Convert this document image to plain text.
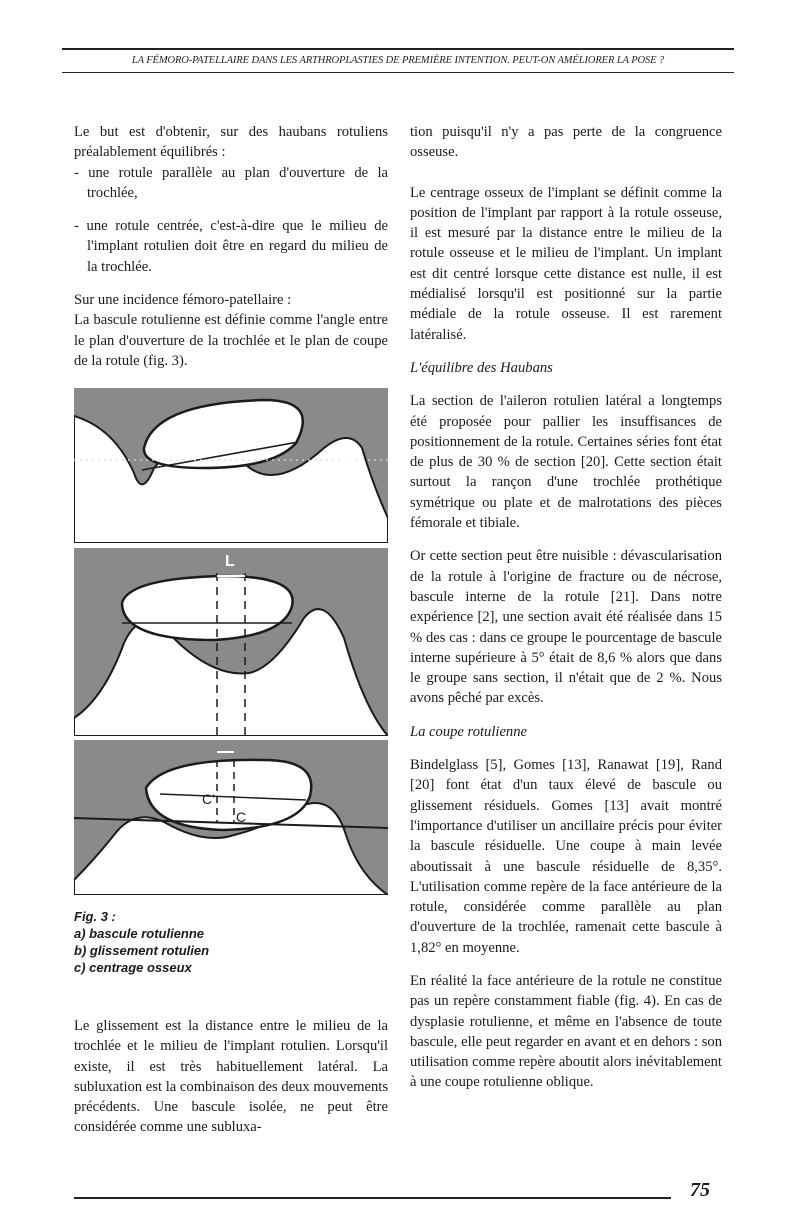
LA FÉMORO-PATELLAIRE DANS LES ARTHROPLASTIES DE PREMIÈRE INTENTION. PEUT-ON AMÉLIORER LA POSE ?

Le but est d'obtenir, sur des haubans rotuliens préalablement équilibrés :

- une rotule parallèle au plan d'ouverture de la trochlée,

- une rotule centrée, c'est-à-dire que le milieu de l'implant rotulien doit être en regard du milieu de la trochlée.

Sur une incidence fémoro-patellaire :

La bascule rotulienne est définie comme l'angle entre le plan d'ouverture de la trochlée et le plan de coupe de la rotule (fig. 3).

α
L
C'
C
Fig. 3 :
a) bascule rotulienne
b) glissement rotulien
c) centrage osseux

Le glissement est la distance entre le milieu de la trochlée et le milieu de l'implant rotulien. Lorsqu'il existe, il est très habituellement latéral. La subluxation est la combinaison des deux mouvements précédents. Une bascule isolée, ne peut être considérée comme une subluxa-

tion puisqu'il n'y a pas perte de la congruence osseuse.

Le centrage osseux de l'implant se définit comme la position de l'implant par rapport à la rotule osseuse, il est mesuré par la distance entre le milieu de la rotule osseuse et le milieu de l'implant. Un implant est dit centré lorsque cette distance est nulle, il est médialisé lorsqu'il est positionné sur la partie médiale de la rotule osseuse. Il est rarement latéralisé.

L'équilibre des Haubans

La section de l'aileron rotulien latéral a longtemps été proposée pour pallier les insuffisances de positionnement de la rotule. Certaines séries font état de plus de 30 % de section [20]. Cette section était surtout la rançon d'une trochlée prothétique symétrique ou plate et de malrotations des pièces fémorale et tibiale.

Or cette section peut être nuisible : dévascularisation de la rotule à l'origine de fracture ou de nécrose, bascule interne de la rotule [21]. Dans notre expérience [2], une section avait été réalisée dans 15 % des cas : dans ce groupe le pourcentage de bascule interne supérieure à 5° était de 8,6 % alors que dans le groupe sans section, il n'était que de 2 %. Nous avons pêché par excès.

La coupe rotulienne

Bindelglass [5], Gomes [13], Ranawat [19], Rand [20] font état d'un taux élevé de bascule ou glissement résiduels. Gomes [13] avait montré l'importance d'utiliser un ancillaire précis pour éviter la bascule résiduelle. Une coupe à main levée aboutissait à une bascule résiduelle de 8,35°. L'utilisation comme repère de la face antérieure de la rotule, considérée comme parallèle au plan d'ouverture de la trochlée, ramenait cette bascule à 1,82° en moyenne.

En réalité la face antérieure de la rotule ne constitue pas un repère constamment fiable (fig. 4). En cas de dysplasie rotulienne, et même en l'absence de toute bascule, elle peut regarder en avant et en dehors : son utilisation comme repère aboutit alors inévitablement à une coupe rotulienne oblique.

75
